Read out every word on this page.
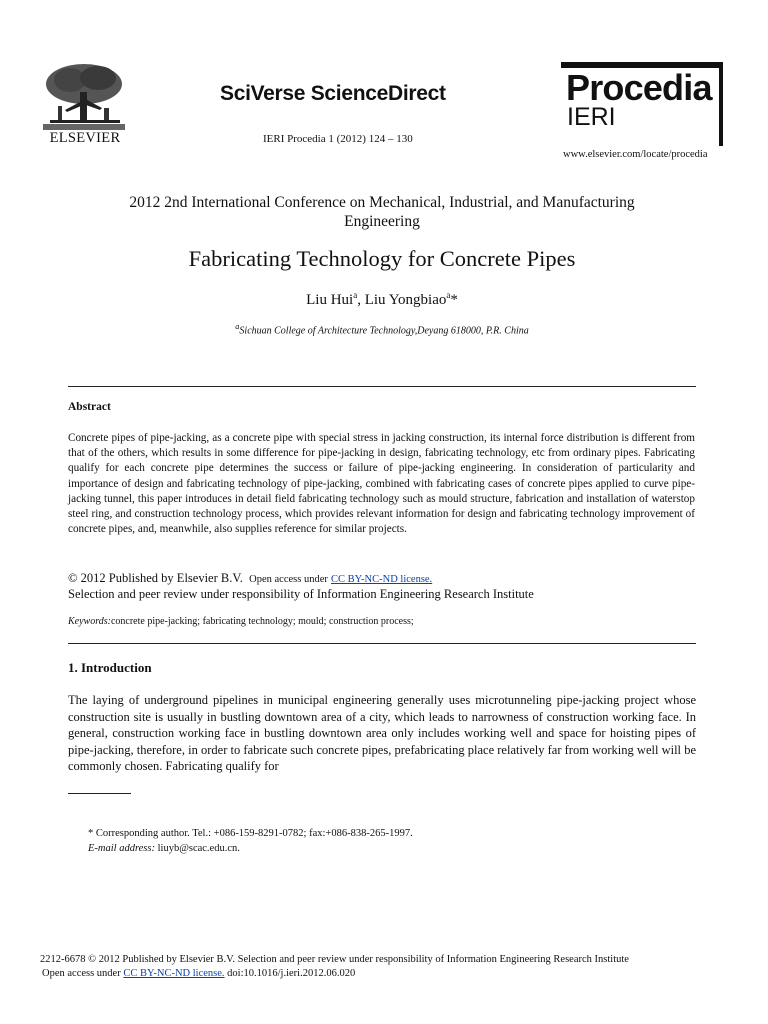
ELSEVIER
SciVerse ScienceDirect
IERI Procedia 1 (2012) 124 – 130
Procedia
IERI
www.elsevier.com/locate/procedia
2012 2nd International Conference on Mechanical, Industrial, and Manufacturing Engineering
Fabricating Technology for Concrete Pipes
Liu Hui$^a$, Liu Yongbiao$^a$*
$^a$Sichuan College of Architecture Technology,Deyang 618000, P.R. China
Abstract
Concrete pipes of pipe-jacking, as a concrete pipe with special stress in jacking construction, its internal force distribution is different from that of the others, which results in some difference for pipe-jacking in design, fabricating technology, etc from ordinary pipes. Fabricating qualify for each concrete pipe determines the success or failure of pipe-jacking engineering. In consideration of particularity and importance of design and fabricating technology of pipe-jacking, combined with fabricating cases of concrete pipes applied to curve pipe-jacking tunnel, this paper introduces in detail field fabricating technology such as mould structure, fabrication and installation of waterstop steel ring, and construction technology process, which provides relevant information for design and fabricating technology improvement of concrete pipes, and, meanwhile, also supplies reference for similar projects.
© 2012 Published by Elsevier B.V. Open access under CC BY-NC-ND license.
Selection and peer review under responsibility of Information Engineering Research Institute
Keywords:concrete pipe-jacking; fabricating technology; mould; construction process;
1. Introduction
The laying of underground pipelines in municipal engineering generally uses microtunneling pipe-jacking project whose construction site is usually in bustling downtown area of a city, which leads to narrowness of construction working face. In general, construction working face in bustling downtown area only includes working well and space for hoisting pipes of pipe-jacking, therefore, in order to fabricate such concrete pipes, prefabricating place relatively far from working well will be commonly chosen. Fabricating qualify for
* Corresponding author. Tel.: +086-159-8291-0782; fax:+086-838-265-1997.
E-mail address: liuyb@scac.edu.cn.
2212-6678 © 2012 Published by Elsevier B.V. Selection and peer review under responsibility of Information Engineering Research Institute
Open access under CC BY-NC-ND license. doi:10.1016/j.ieri.2012.06.020
